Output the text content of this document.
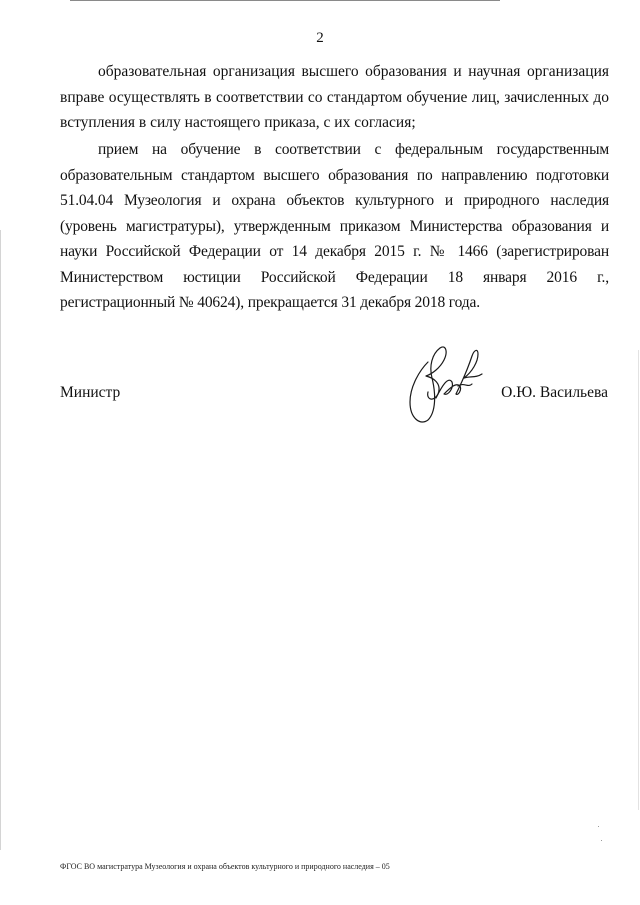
2

образовательная организация высшего образования и научная организация вправе осуществлять в соответствии со стандартом обучение лиц, зачисленных до вступления в силу настоящего приказа, с их согласия;

прием на обучение в соответствии с федеральным государственным образовательным стандартом высшего образования по направлению подготовки 51.04.04 Музеология и охрана объектов культурного и природного наследия (уровень магистратуры), утвержденным приказом Министерства образования и науки Российской Федерации от 14 декабря 2015 г. № 1466 (зарегистрирован Министерством юстиции Российской Федерации 18 января 2016 г., регистрационный № 40624), прекращается 31 декабря 2018 года.

Министр	О.Ю. Васильева
ФГОС ВО магистратура Музеология и охрана объектов культурного и природного наследия – 05
